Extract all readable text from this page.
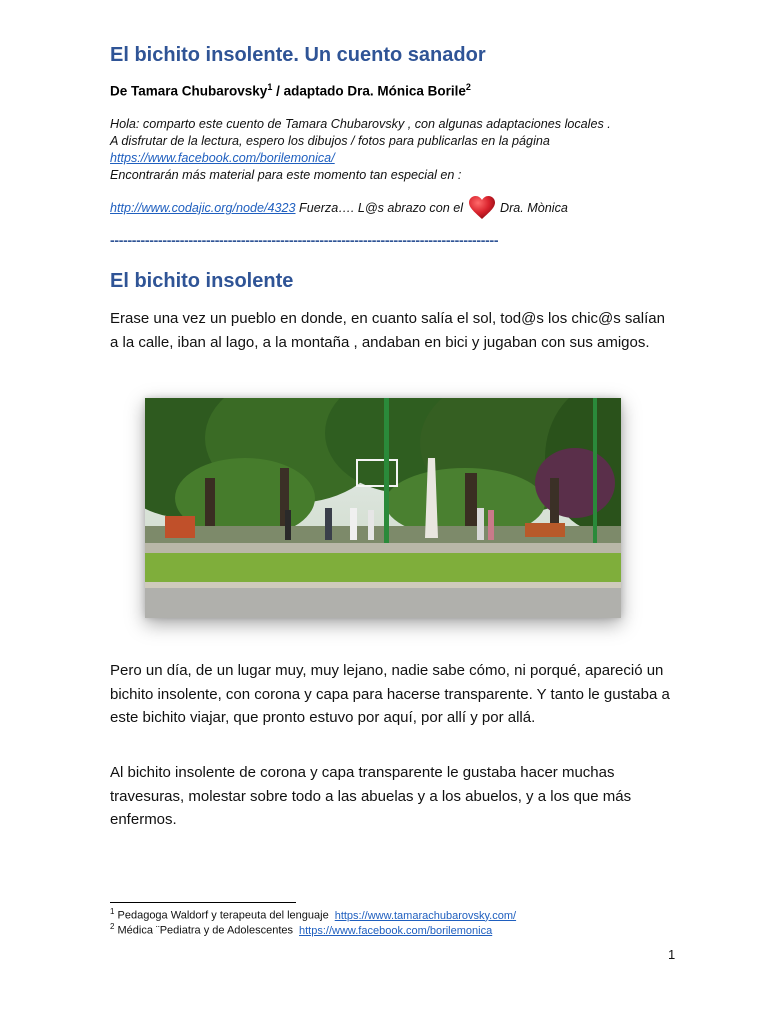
El bichito insolente. Un cuento sanador

De Tamara Chubarovsky$^1$ / adaptado Dra. Mónica Borile$^2$

Hola: comparto este cuento de Tamara Chubarovsky , con algunas adaptaciones locales .
A disfrutar de la lectura, espero los dibujos / fotos para publicarlas en la página
https://www.facebook.com/borilemonica/
Encontrarán más material para este momento tan especial en :
http://www.codajic.org/node/4323 Fuerza…. L@s abrazo con el  Dra. Mònica

-----------------------------------------------------------------------------------------

El bichito insolente

Erase una vez un pueblo en donde, en cuanto salía el sol, tod@s los chic@s salían a la calle, iban al lago, a la montaña , andaban en bici y jugaban con sus amigos.

Pero un día, de un lugar muy, muy lejano, nadie sabe cómo, ni porqué, apareció un bichito insolente, con corona y capa para hacerse transparente. Y tanto le gustaba a este bichito viajar, que pronto estuvo por aquí, por allí y por allá.

Al bichito insolente de corona y capa transparente le gustaba hacer muchas travesuras, molestar sobre todo a las abuelas y a los abuelos, y a los que más enfermos.

$^1$ Pedagoga Waldorf y terapeuta del lenguaje https://www.tamarachubarovsky.com/

$^2$ Médica ¨Pediatra y de Adolescentes https://www.facebook.com/borilemonica

1
